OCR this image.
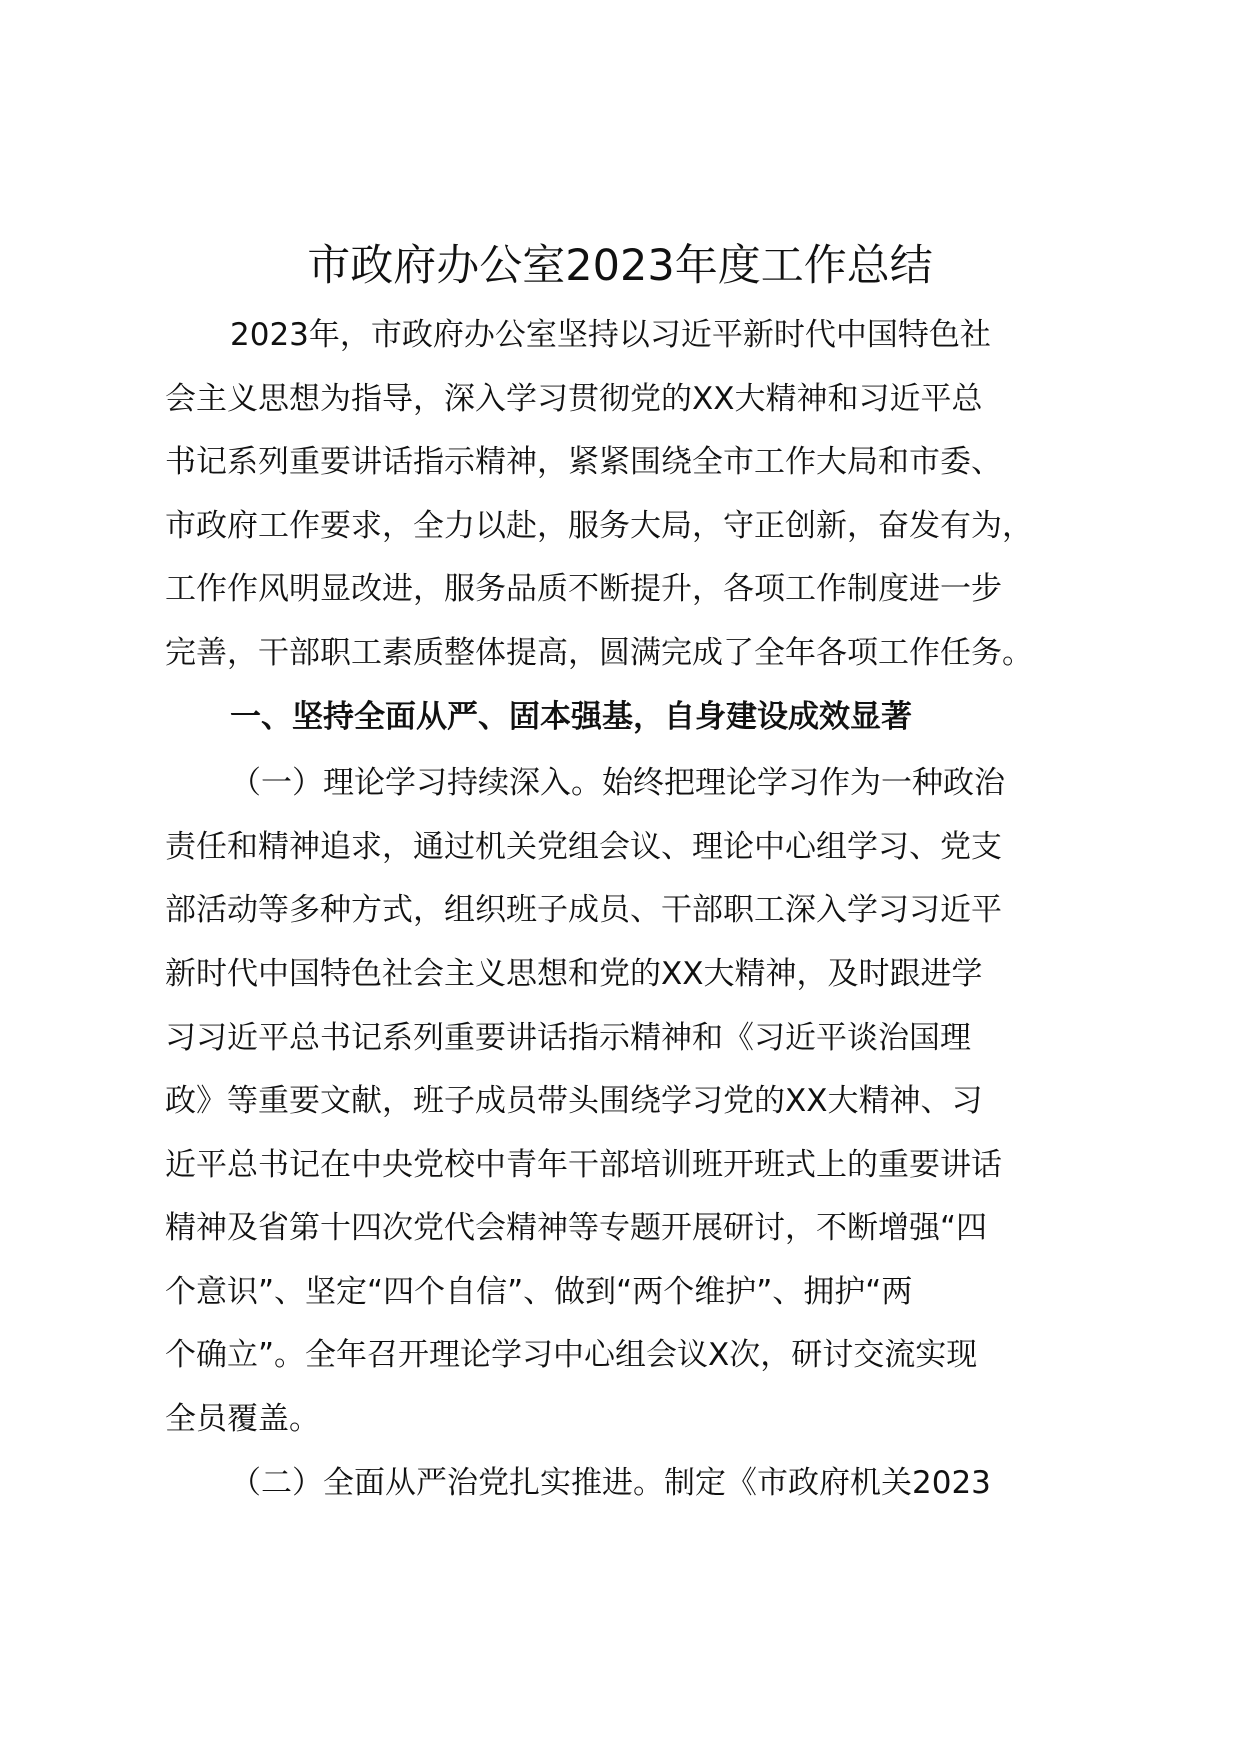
市政府办公室2023年度工作总结
2023年，市政府办公室坚持以习近平新时代中国特色社
会主义思想为指导，深入学习贯彻党的XX大精神和习近平总
书记系列重要讲话指示精神，紧紧围绕全市工作大局和市委、
市政府工作要求，全力以赴，服务大局，守正创新，奋发有为，
工作作风明显改进，服务品质不断提升，各项工作制度进一步
完善，干部职工素质整体提高，圆满完成了全年各项工作任务。
一、坚持全面从严、固本强基，自身建设成效显著
（一）理论学习持续深入。始终把理论学习作为一种政治
责任和精神追求，通过机关党组会议、理论中心组学习、党支
部活动等多种方式，组织班子成员、干部职工深入学习习近平
新时代中国特色社会主义思想和党的XX大精神，及时跟进学
习习近平总书记系列重要讲话指示精神和《习近平谈治国理
政》等重要文献，班子成员带头围绕学习党的XX大精神、习
近平总书记在中央党校中青年干部培训班开班式上的重要讲话
精神及省第十四次党代会精神等专题开展研讨，不断增强“四
个意识”、坚定“四个自信”、做到“两个维护”、拥护“两
个确立”。全年召开理论学习中心组会议X次，研讨交流实现
全员覆盖。
（二）全面从严治党扎实推进。制定《市政府机关2023
